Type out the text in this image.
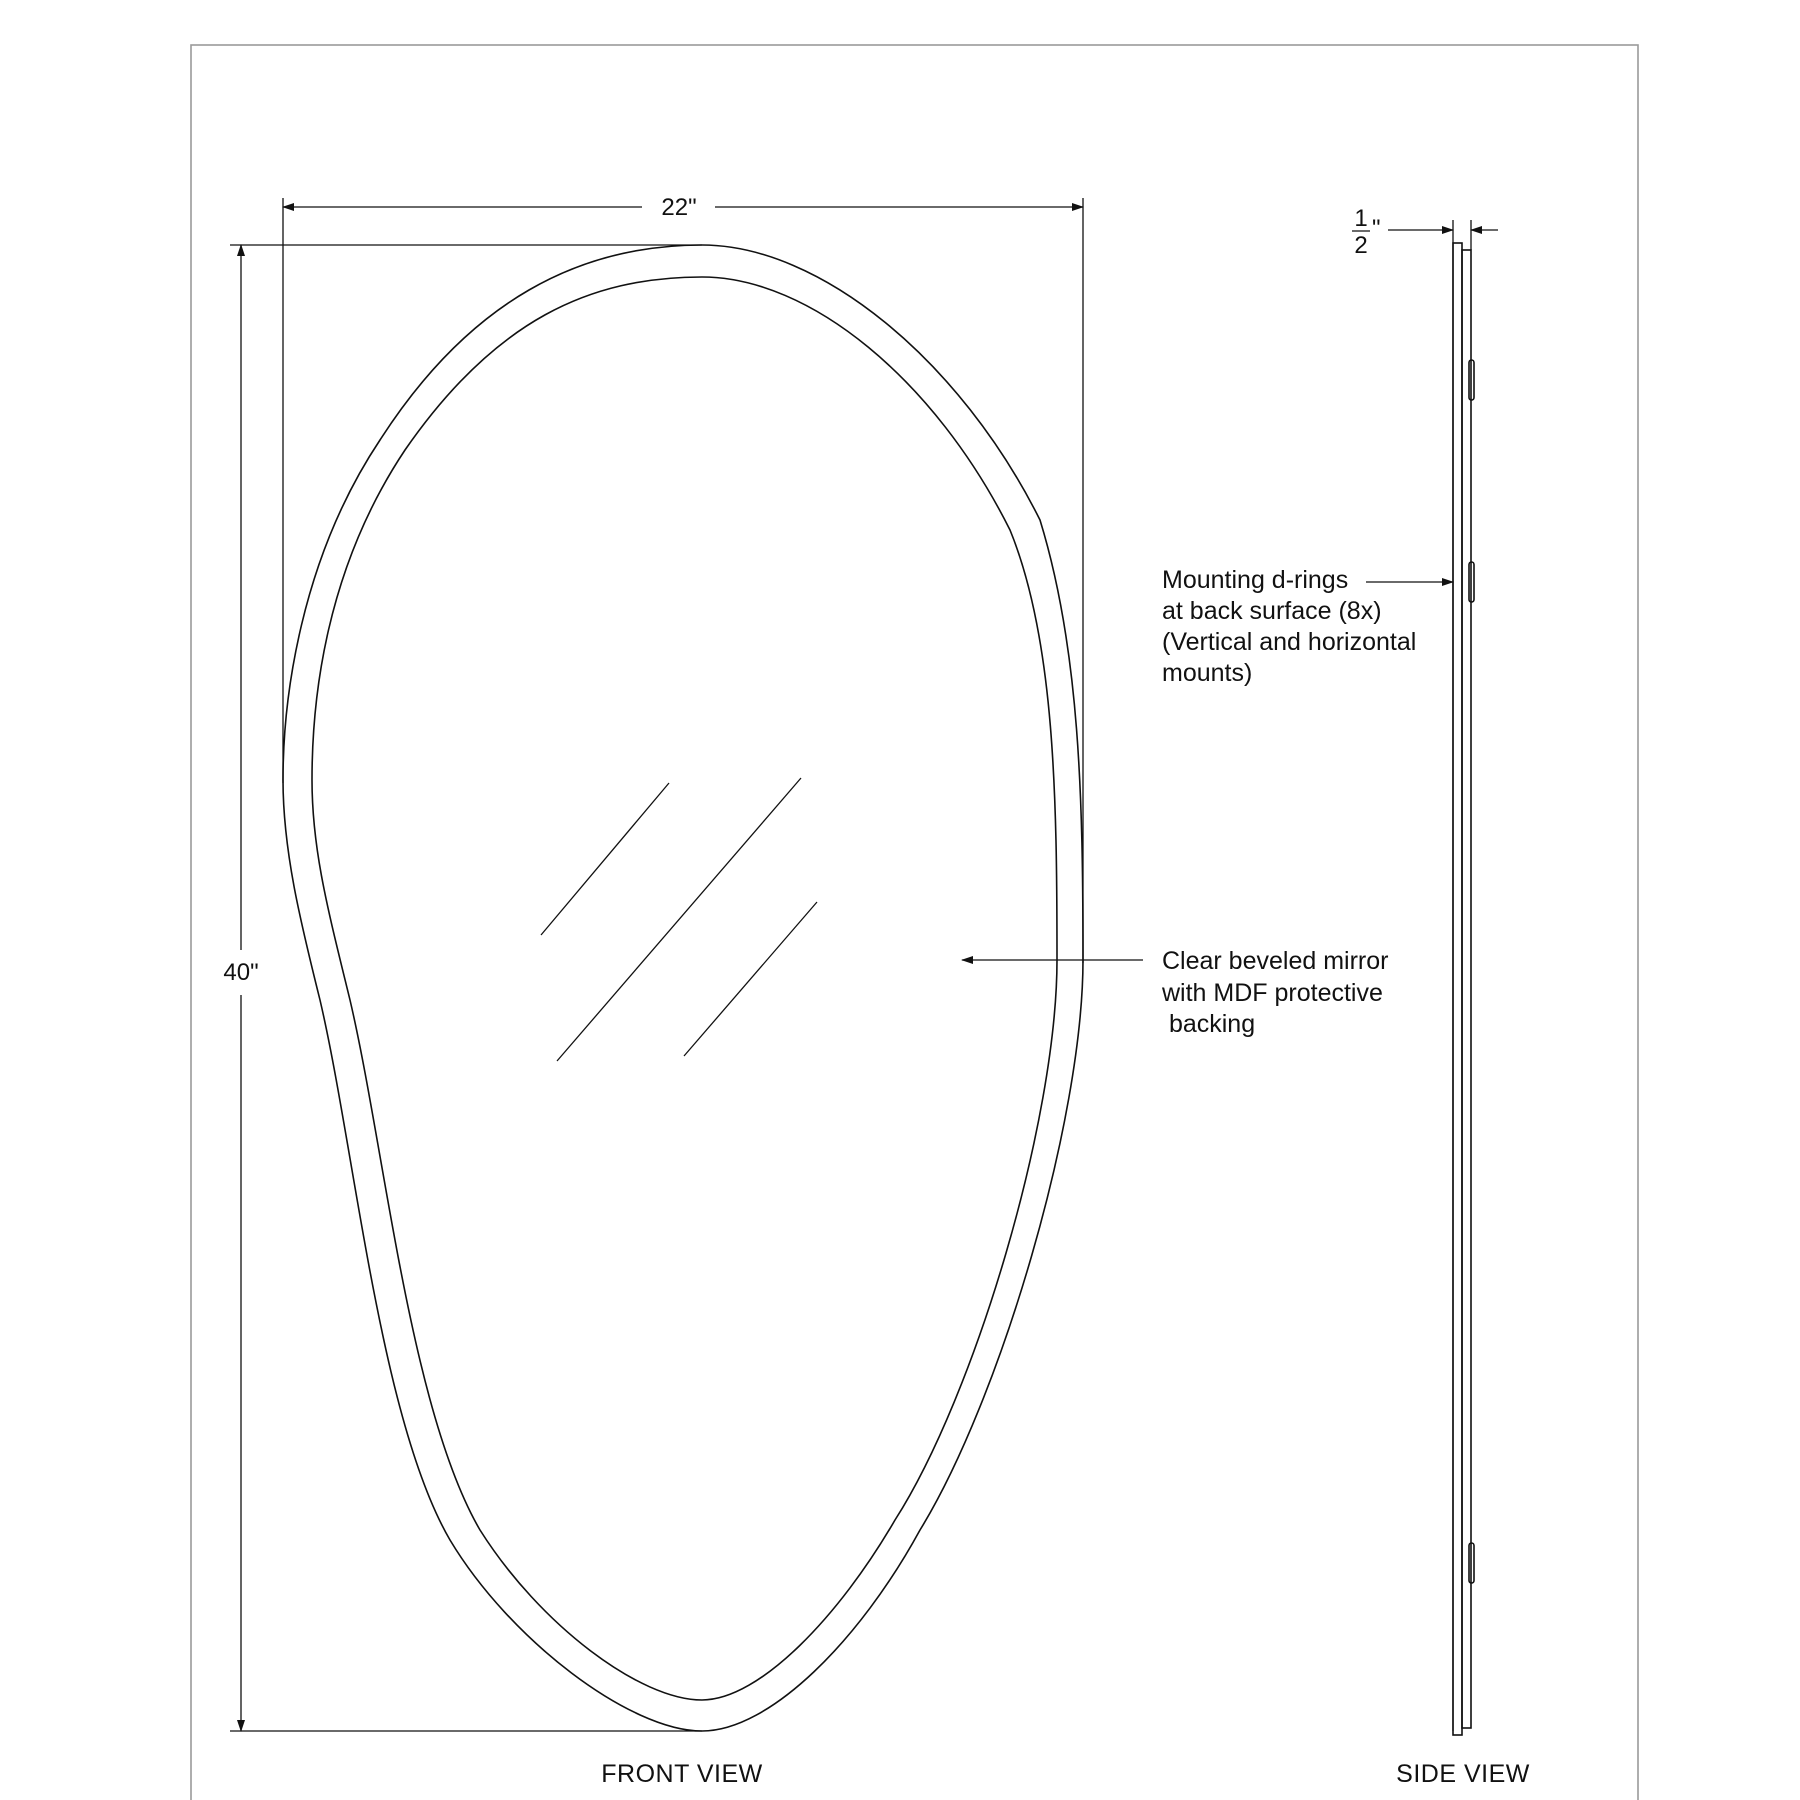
22"
40"
FRONT VIEW
Clear beveled mirror
with MDF protective
backing
1
2
"
SIDE VIEW
Mounting d-rings
at back surface (8x)
(Vertical and horizontal
mounts)
